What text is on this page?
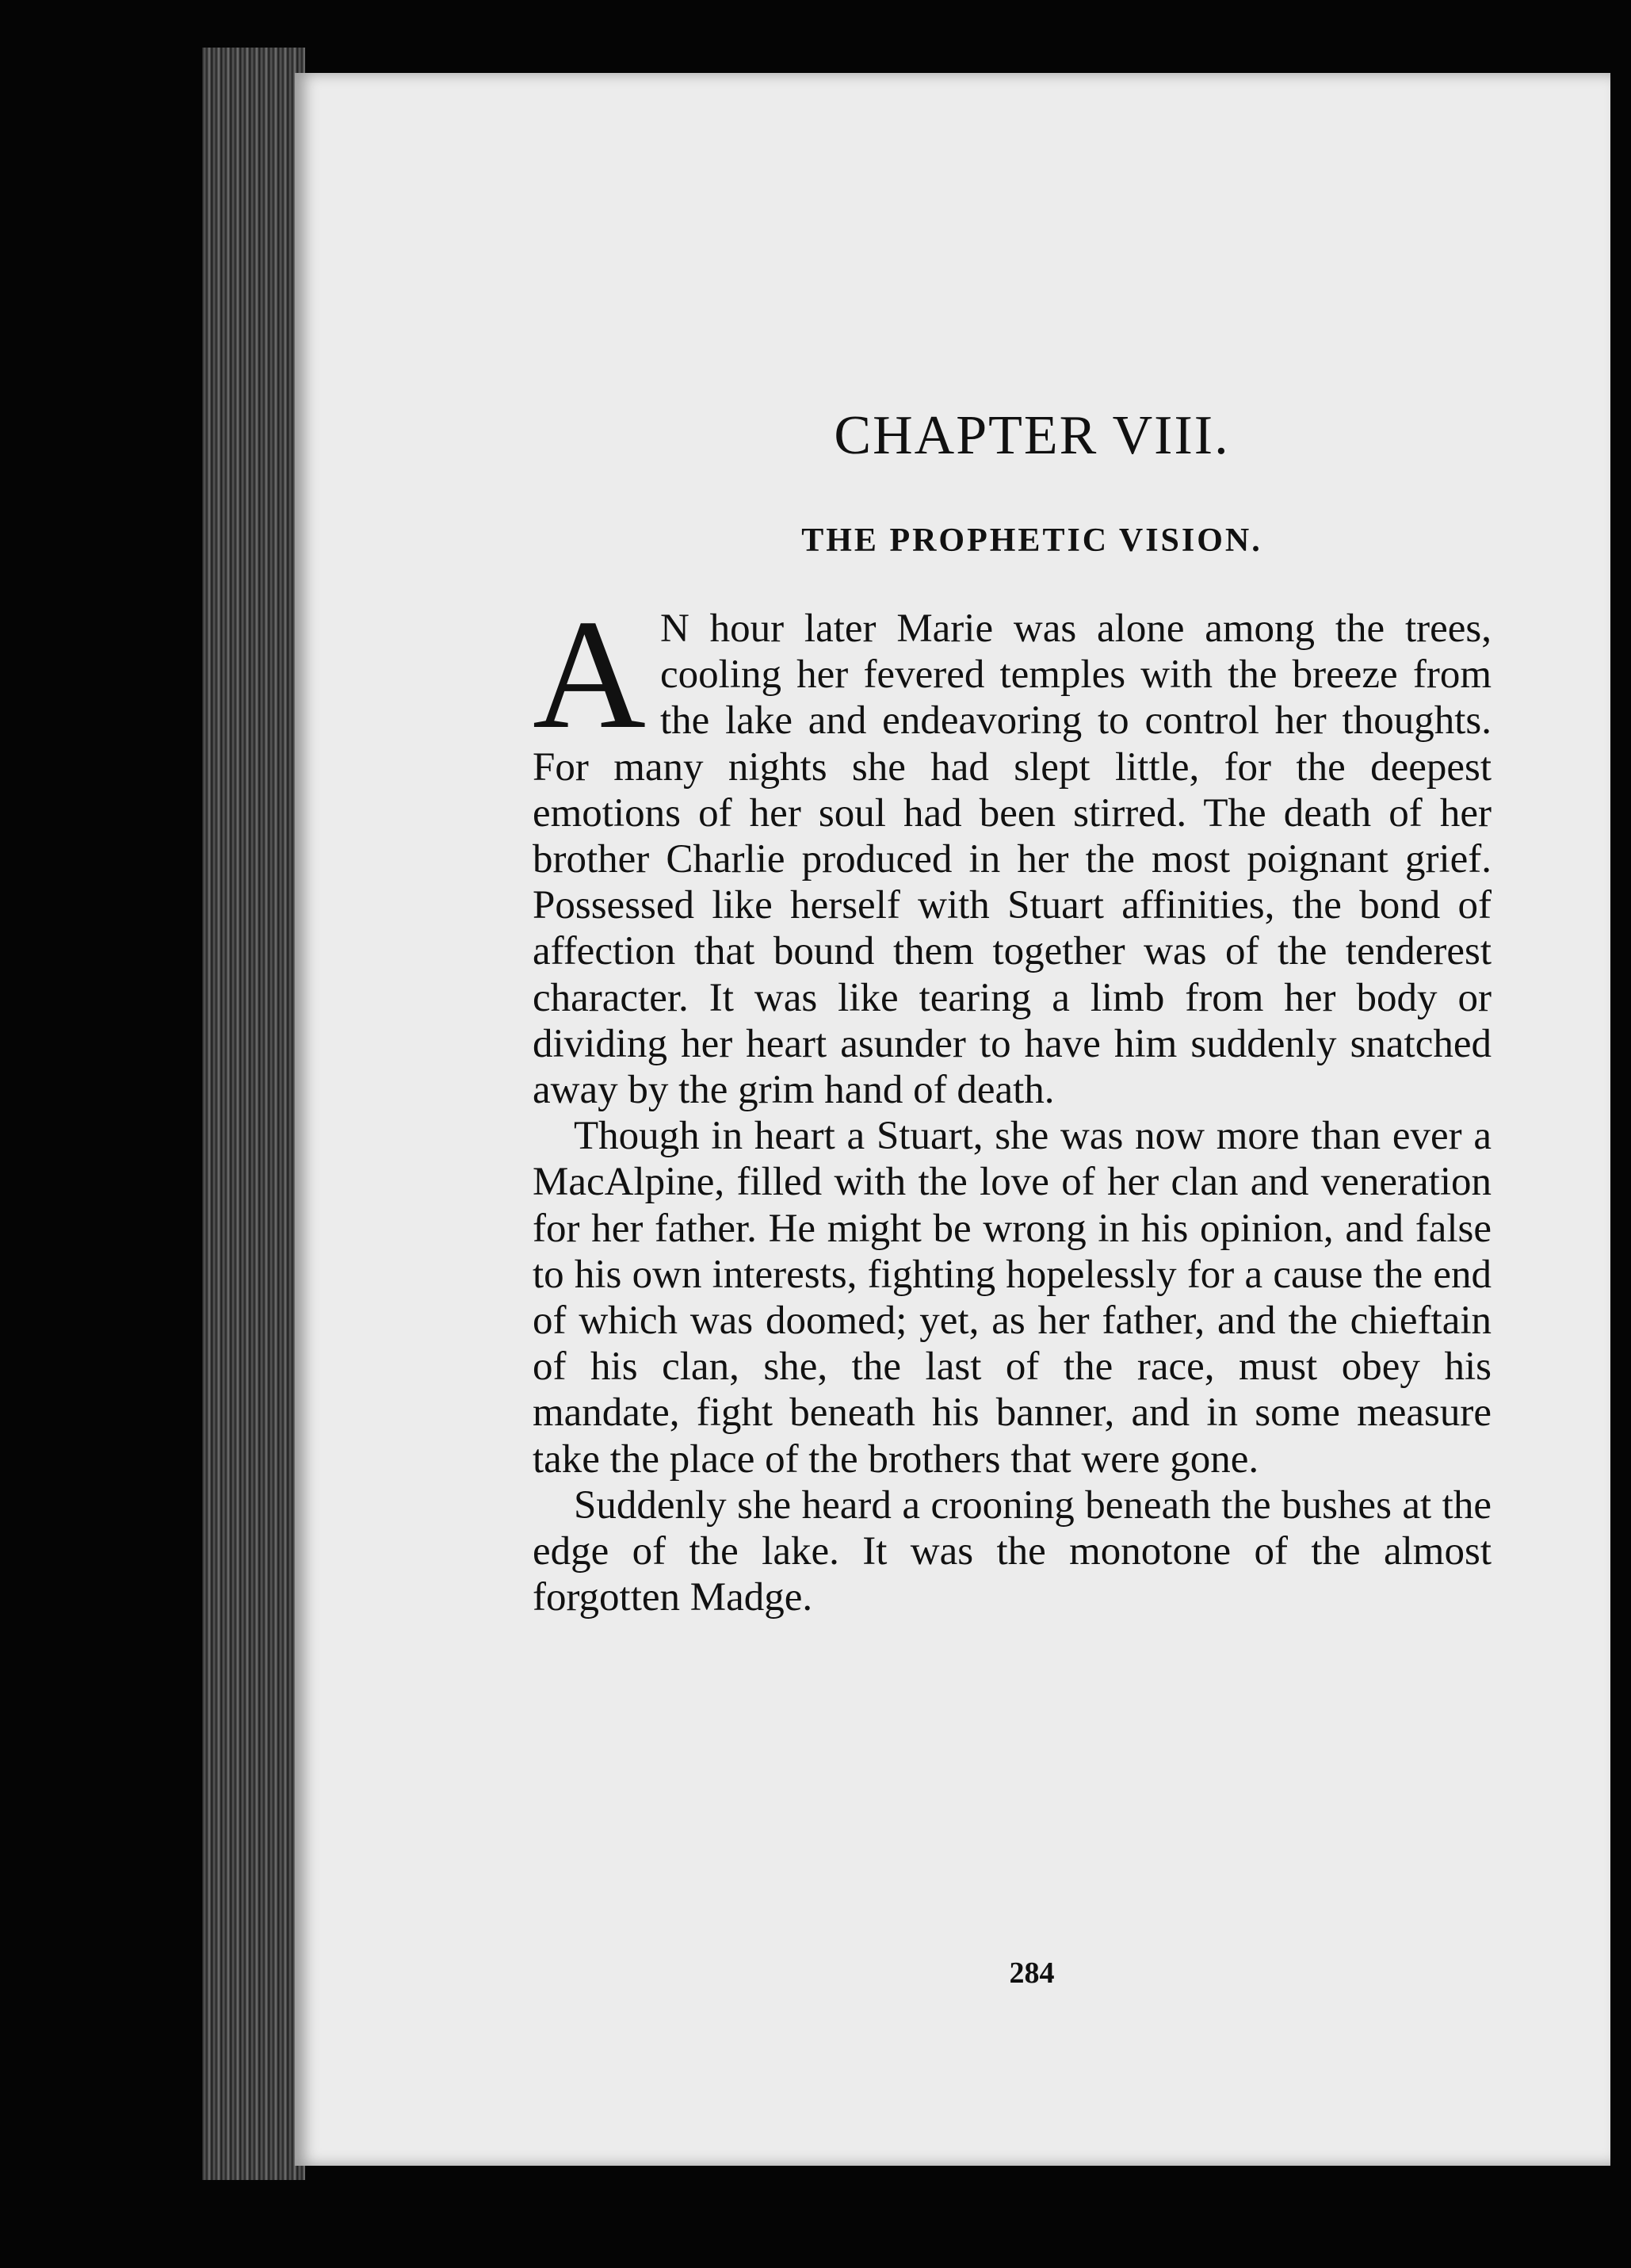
CHAPTER VIII.
THE PROPHETIC VISION.

A N hour later Marie was alone among the trees, cooling her fevered temples with the breeze from the lake and endeavoring to control her thoughts. For many nights she had slept little, for the deepest emotions of her soul had been stirred. The death of her brother Charlie produced in her the most poignant grief. Possessed like herself with Stuart affinities, the bond of affection that bound them together was of the tenderest character. It was like tearing a limb from her body or dividing her heart asunder to have him suddenly snatched away by the grim hand of death.

Though in heart a Stuart, she was now more than ever a MacAlpine, filled with the love of her clan and veneration for her father. He might be wrong in his opinion, and false to his own interests, fighting hopelessly for a cause the end of which was doomed; yet, as her father, and the chieftain of his clan, she, the last of the race, must obey his mandate, fight beneath his banner, and in some measure take the place of the brothers that were gone.

Suddenly she heard a crooning beneath the bushes at the edge of the lake. It was the monotone of the almost forgotten Madge.

284
